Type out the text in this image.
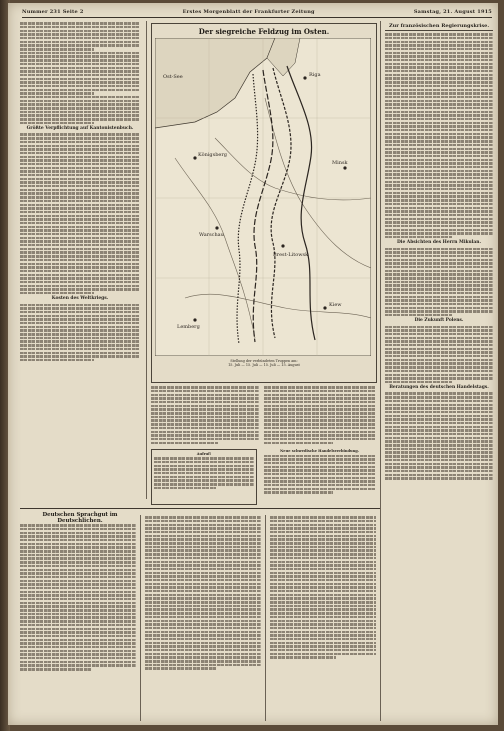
Nummer 231 Seite 2	Erstes Morgenblatt der Frankfurter Zeitung	Samstag, 21. August 1915
Größte Verpflichtung auf Kantonistenbuch.
Kosten des Weltkriegs.
Der siegreiche Feldzug im Osten.
Ost-See
Königsberg
Warschau
Minsk
Kiew
Lemberg
Brest-Litowsk
Riga
Stellung der verbündeten Truppen am:
15. Juli — 15. Juli — 15. Juli — 15. August
Aufruf!
Neue schwedische Handelsverbindung.
Zur französischen Regierungskrise.
Die Absichten des Herrn Mikulan.
Die Zukunft Polens.
Beratungen des deutschen Handelstags.
Deutschen Sprachgut im Deutschlichen.
